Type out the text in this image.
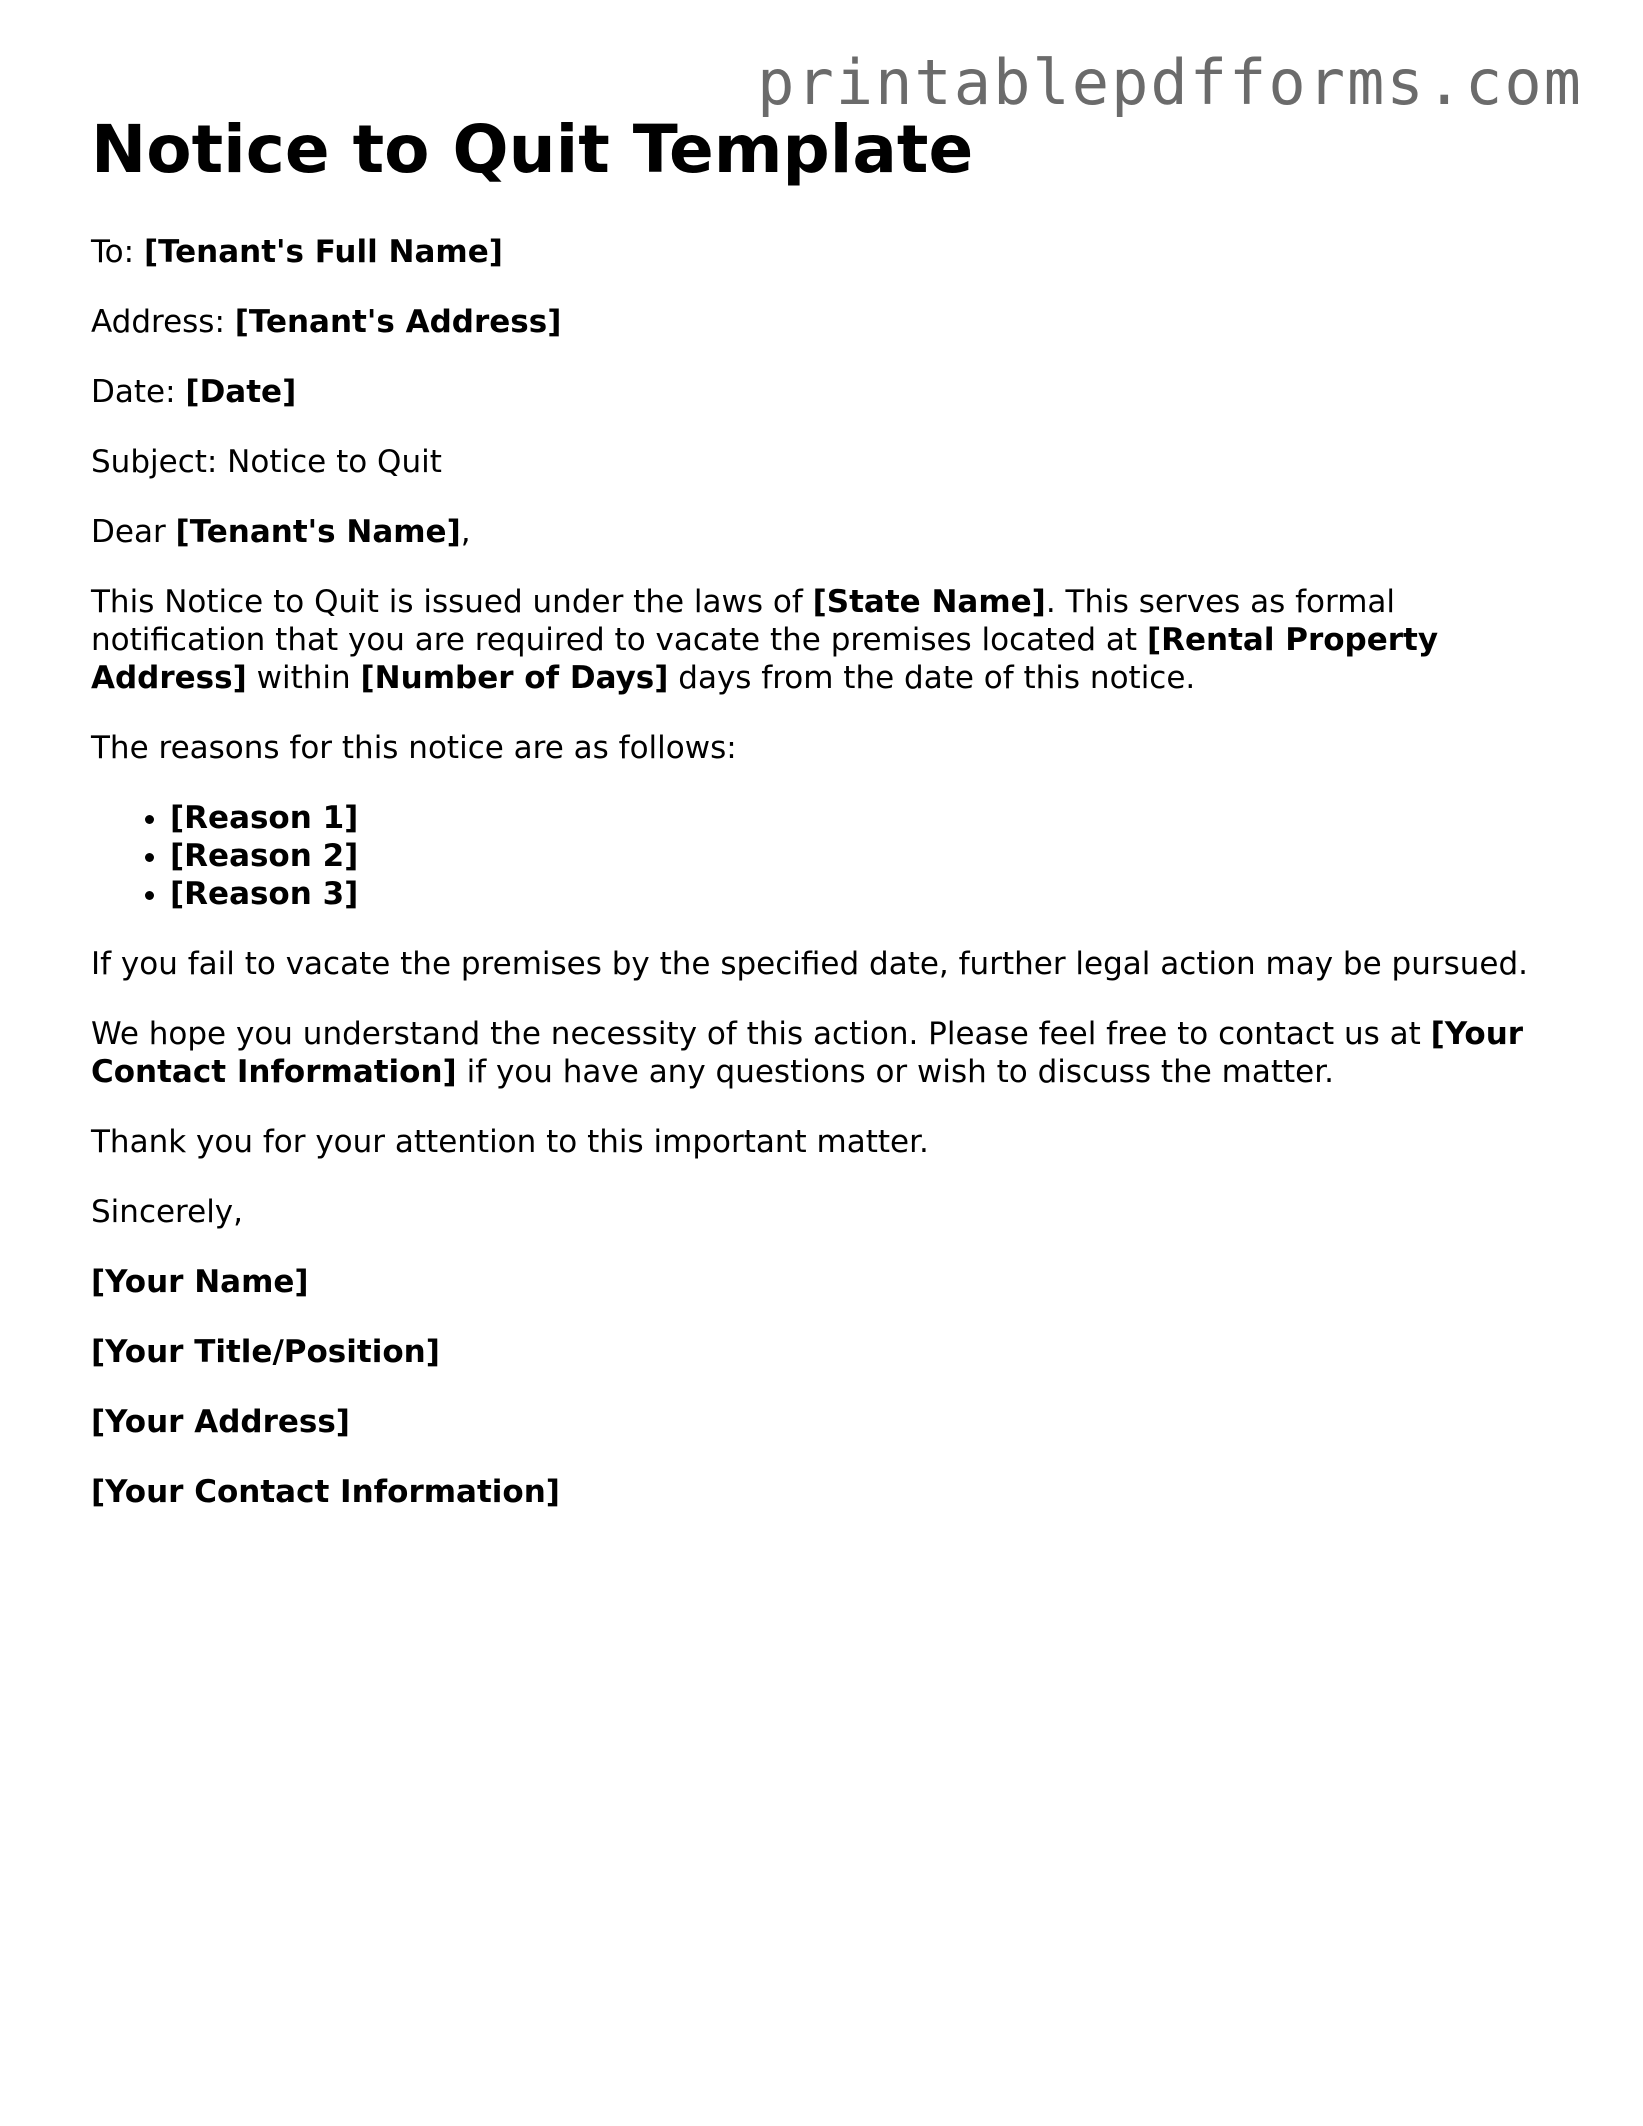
printablepdfforms.com
Notice to Quit Template

To: [Tenant's Full Name]

Address: [Tenant's Address]

Date: [Date]

Subject: Notice to Quit

Dear [Tenant's Name],

This Notice to Quit is issued under the laws of [State Name]. This serves as formal notification that you are required to vacate the premises located at [Rental Property Address] within [Number of Days] days from the date of this notice.

The reasons for this notice are as follows:

• [Reason 1]
• [Reason 2]
• [Reason 3]

If you fail to vacate the premises by the specified date, further legal action may be pursued.

We hope you understand the necessity of this action. Please feel free to contact us at [Your Contact Information] if you have any questions or wish to discuss the matter.

Thank you for your attention to this important matter.

Sincerely,

[Your Name]

[Your Title/Position]

[Your Address]

[Your Contact Information]
